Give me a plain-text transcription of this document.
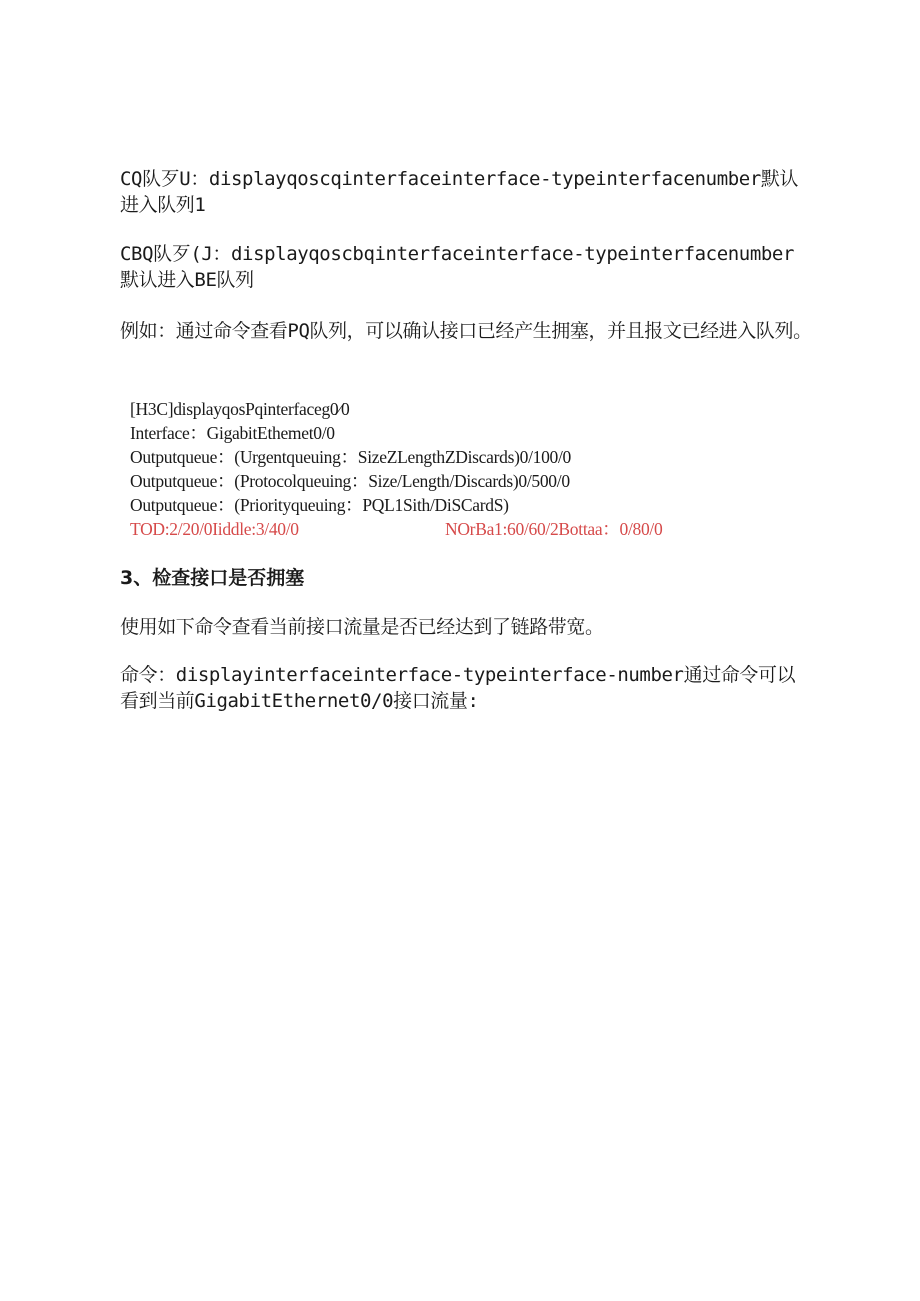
CQ队歹U：displayqoscqinterfaceinterface-typeinterfacenumber默认进入队列1

CBQ队歹(J：displayqoscbqinterfaceinterface-typeinterfacenumber默认进入BE队列

例如：通过命令查看PQ队列，可以确认接口已经产生拥塞，并且报文已经进入队列。

[H3C]displayqosPqinterfaceg0⁄0
Interface：GigabitEthemet0/0
Outputqueue：(Urgentqueuing：SizeZLengthZDiscards)0/100/0
Outputqueue：(Protocolqueuing：Size/Length/Discards)0/500/0
Outputqueue：(Priorityqueuing：PQL1Sith/DiSCardS)
TOD:2/20/0Iiddle:3/40/0	NOrBa1:60/60/2Bottaa：0/80/0
3、检查接口是否拥塞

使用如下命令查看当前接口流量是否已经达到了链路带宽。

命令：displayinterfaceinterface-typeinterface-number通过命令可以看到当前GigabitEthernet0/0接口流量:
